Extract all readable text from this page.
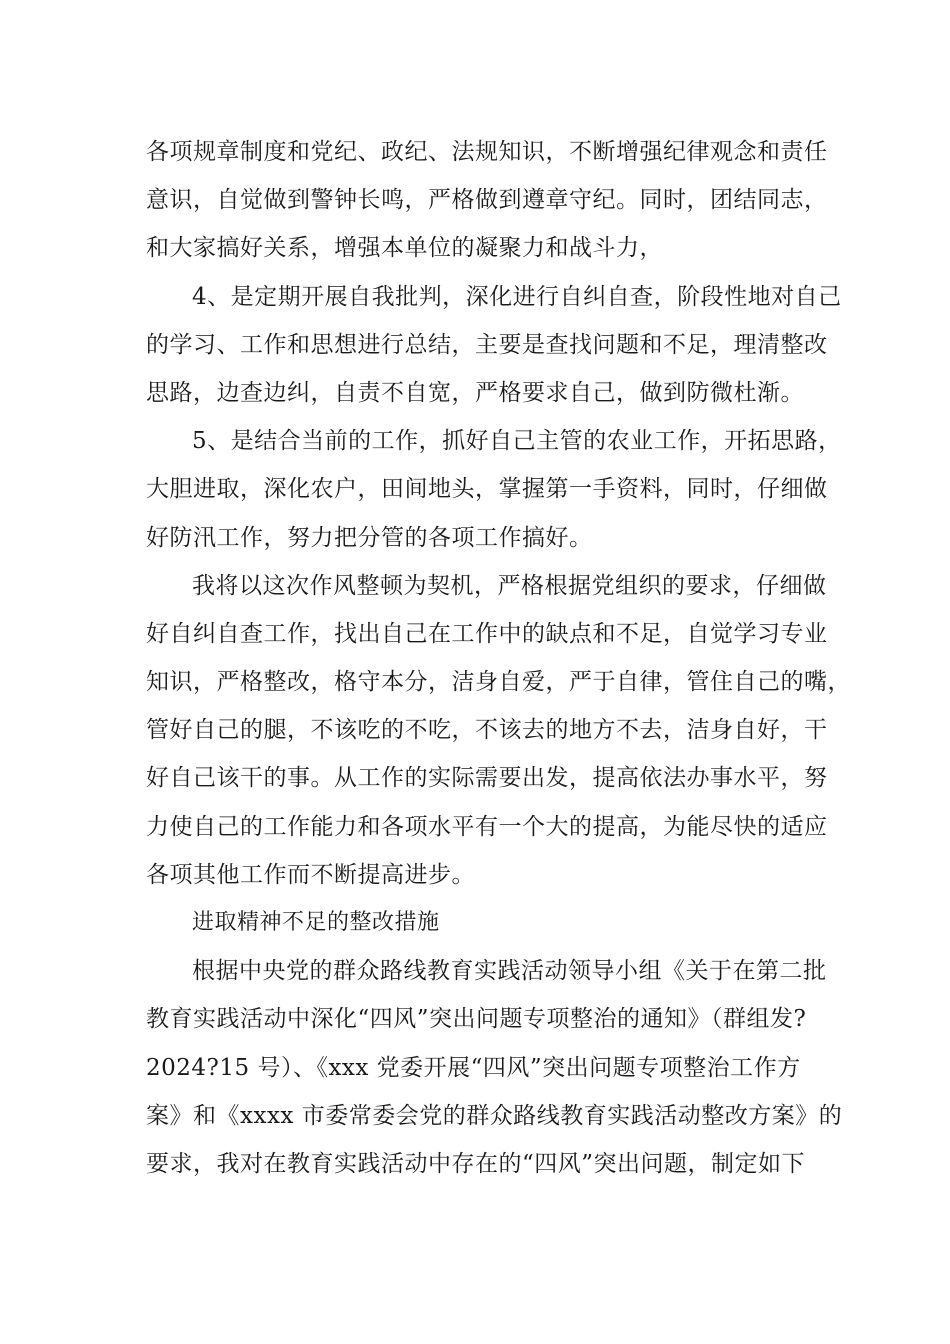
各项规章制度和党纪、政纪、法规知识，不断增强纪律观念和责任
意识，自觉做到警钟长鸣，严格做到遵章守纪。同时，团结同志，
和大家搞好关系，增强本单位的凝聚力和战斗力，
4、是定期开展自我批判，深化进行自纠自查，阶段性地对自己
的学习、工作和思想进行总结，主要是查找问题和不足，理清整改
思路，边查边纠，自责不自宽，严格要求自己，做到防微杜渐。
5、是结合当前的工作，抓好自己主管的农业工作，开拓思路，
大胆进取，深化农户，田间地头，掌握第一手资料，同时，仔细做
好防汛工作，努力把分管的各项工作搞好。
我将以这次作风整顿为契机，严格根据党组织的要求，仔细做
好自纠自查工作，找出自己在工作中的缺点和不足，自觉学习专业
知识，严格整改，格守本分，洁身自爱，严于自律，管住自己的嘴，
管好自己的腿，不该吃的不吃，不该去的地方不去，洁身自好，干
好自己该干的事。从工作的实际需要出发，提高依法办事水平，努
力使自己的工作能力和各项水平有一个大的提高，为能尽快的适应
各项其他工作而不断提高进步。
进取精神不足的整改措施
根据中央党的群众路线教育实践活动领导小组《关于在第二批
教育实践活动中深化“四风”突出问题专项整治的通知》（群组发?
2024?15 号）、《xxx 党委开展“四风”突出问题专项整治工作方
案》和《xxxx 市委常委会党的群众路线教育实践活动整改方案》的
要求，我对在教育实践活动中存在的“四风”突出问题，制定如下
